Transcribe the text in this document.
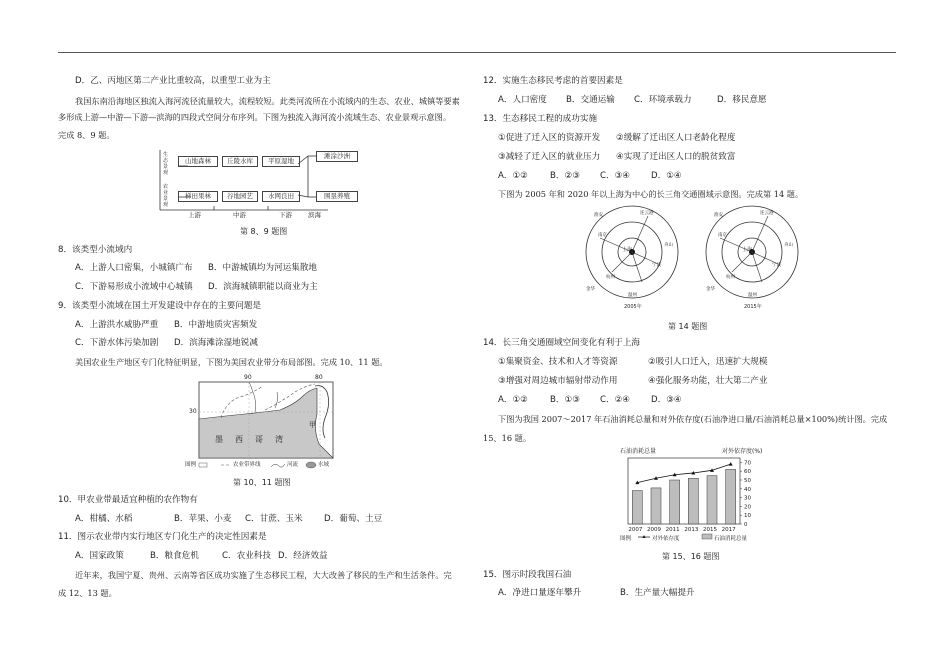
D．乙、丙地区第二产业比重较高，以重型工业为主
我国东南沿海地区独流入海河流径流量较大，流程较短。此类河流所在小流域内的生态、农业、城镇等要素
多形成上游—中游—下游—滨海的四段式空间分布序列。下图为独流入海河流小流域生态、农业景观示意图。
完成 8、9 题。
生态景观
农业景观
山地森林	丘陵水库	平原湿地
滩涂沙洲
梯田果林	谷地园艺	水网良田	围垦养殖
上游	中游	下游 滨海
第 8、9 题图
8．该类型小流域内
A．上游人口密集，小城镇广布 B．中游城镇均为河运集散地
C．下游易形成小流域中心城镇 D．滨海城镇职能以商业为主
9．该类型小流域在国土开发建设中存在的主要问题是
A．上游洪水威胁严重 B．中游地质灾害频发
C．下游水体污染加剧 D．滨海滩涂湿地锐减
美国农业生产地区专门化特征明显，下图为美国农业带分布局部图。完成 10、11 题。
90	80
30
墨　西　哥　湾
甲
图例	农业带界线	河流	水域
第 10、11 题图
10．甲农业带最适宜种植的农作物有
A．柑橘、水稻	B．苹果、小麦 C．甘蔗、玉米 D．葡萄、土豆
11．图示农业带内实行地区专门化生产的决定性因素是
A．国家政策	B．粮食危机	C．农业科技 D．经济效益
近年来，我国宁夏、贵州、云南等省区成功实施了生态移民工程，大大改善了移民的生产和生活条件。完
成 12、13 题。
12．实施生态移民考虑的首要因素是
A．人口密度 B．交通运输 C．环境承载力	D．移民意愿
13．生态移民工程的成功实施
①促进了迁入区的资源开发 ②缓解了迁出区人口老龄化程度
③减轻了迁入区的就业压力 ④实现了迁出区人口的脱贫致富
A．①②	B．②③ C．③④ D．①④
下图为 2005 年和 2020 年以上海为中心的长三角交通圈域示意图。完成第 14 题。
上海	上海
连云港
淮安
南京
杭州
宁波
温州
金华
舟山
连云港
淮安
南京
杭州
宁波
温州
金华
舟山
2005年	2015年
第 14 题图
14．长三角交通圈域空间变化有利于上海
①集聚资金、技术和人才等资源	②吸引人口迁入，迅速扩大规模
③增强对周边城市辐射带动作用	④强化服务功能，壮大第二产业
A．①②	B．①③ C．②④ D．③④
下图为我国 2007～2017 年石油消耗总量和对外依存度(石油净进口量/石油消耗总量×100%)统计图。完成
15、16 题。
石油消耗总量	对外依存度(%)
0
10
20
30
40
50
60
70
2007 2009 2011 2013 2015 2017
图例	对外依存度	石油消耗总量
第 15、16 题图
15．图示时段我国石油
A．净进口量逐年攀升	B．生产量大幅提升
